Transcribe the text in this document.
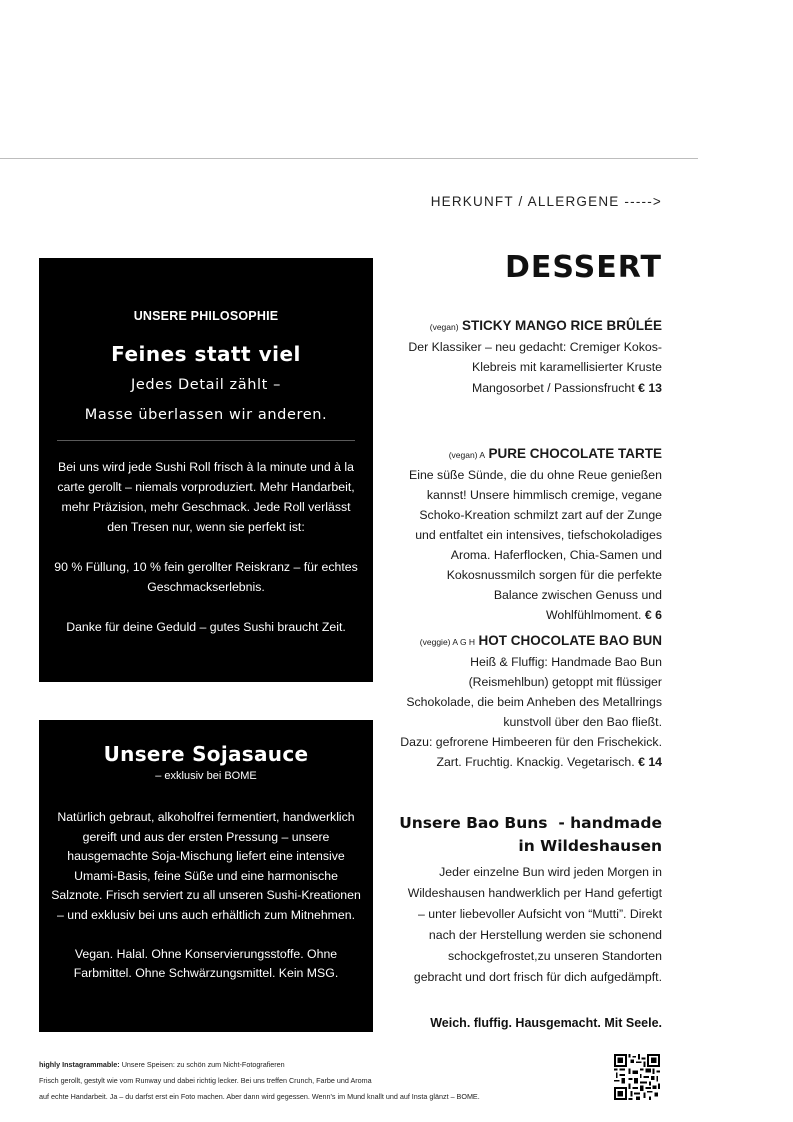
HERKUNFT / ALLERGENE ----->
UNSERE PHILOSOPHIE
Feines statt viel
Jedes Detail zählt –
Masse überlassen wir anderen.

Bei uns wird jede Sushi Roll frisch à la minute und à la carte gerollt – niemals vorproduziert. Mehr Handarbeit, mehr Präzision, mehr Geschmack. Jede Roll verlässt den Tresen nur, wenn sie perfekt ist:

90 % Füllung, 10 % fein gerollter Reiskranz – für echtes Geschmackserlebnis.

Danke für deine Geduld – gutes Sushi braucht Zeit.

Unsere Sojasauce
– exklusiv bei BOME

Natürlich gebraut, alkoholfrei fermentiert, handwerklich gereift und aus der ersten Pressung – unsere hausgemachte Soja-Mischung liefert eine intensive Umami-Basis, feine Süße und eine harmonische Salznote. Frisch serviert zu all unseren Sushi-Kreationen – und exklusiv bei uns auch erhältlich zum Mitnehmen.

Vegan. Halal. Ohne Konservierungsstoffe. Ohne Farbmittel. Ohne Schwärzungsmittel. Kein MSG.

DESSERT
(vegan) STICKY MANGO RICE BRÛLÉE
Der Klassiker – neu gedacht: Cremiger Kokos-Klebreis mit karamellisierter Kruste
Mangosorbet / Passionsfrucht € 13
(vegan) A PURE CHOCOLATE TARTE
Eine süße Sünde, die du ohne Reue genießen kannst! Unsere himmlisch cremige, vegane Schoko-Kreation schmilzt zart auf der Zunge und entfaltet ein intensives, tiefschokoladiges Aroma. Haferflocken, Chia-Samen und Kokosnussmilch sorgen für die perfekte Balance zwischen Genuss und Wohlfühlmoment. € 6
(veggie) A G H HOT CHOCOLATE BAO BUN
Heiß & Fluffig: Handmade Bao Bun (Reismehlbun) getoppt mit flüssiger Schokolade, die beim Anheben des Metallrings kunstvoll über den Bao fließt.
Dazu: gefrorene Himbeeren für den Frischekick. Zart. Fruchtig. Knackig. Vegetarisch. € 14
Unsere Bao Buns  - handmade
in Wildeshausen
Jeder einzelne Bun wird jeden Morgen in Wildeshausen handwerklich per Hand gefertigt – unter liebevoller Aufsicht von “Mutti”. Direkt nach der Herstellung werden sie schonend schockgefrostet,zu unseren Standorten gebracht und dort frisch für dich aufgedämpft.
Weich. fluffig. Hausgemacht. Mit Seele.
highly Instagrammable: Unsere Speisen: zu schön zum Nicht-Fotografieren
Frisch gerollt, gestylt wie vom Runway und dabei richtig lecker. Bei uns treffen Crunch, Farbe und Aroma
auf echte Handarbeit. Ja – du darfst erst ein Foto machen. Aber dann wird gegessen. Wenn's im Mund knallt und auf Insta glänzt – BOME.
